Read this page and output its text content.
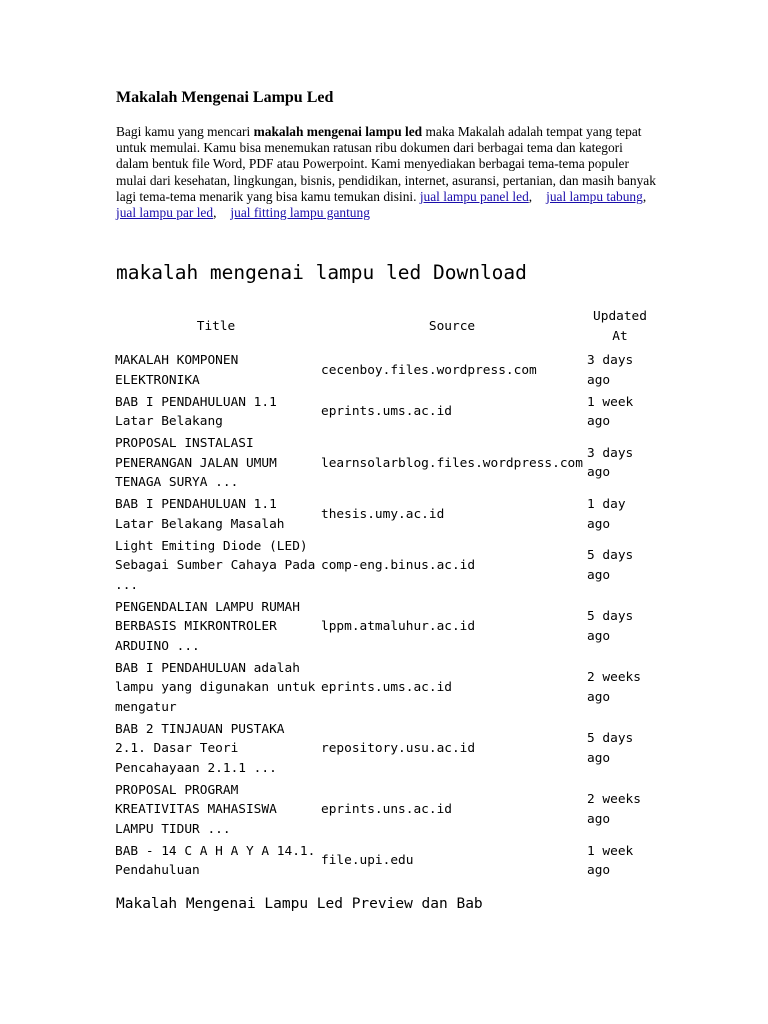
Makalah Mengenai Lampu Led

Bagi kamu yang mencari makalah mengenai lampu led maka Makalah adalah tempat yang tepat untuk memulai. Kamu bisa menemukan ratusan ribu dokumen dari berbagai tema dan kategori dalam bentuk file Word, PDF atau Powerpoint. Kami menyediakan berbagai tema-tema populer mulai dari kesehatan, lingkungan, bisnis, pendidikan, internet, asuransi, pertanian, dan masih banyak lagi tema-tema menarik yang bisa kamu temukan disini. jual lampu panel led, jual lampu tabung, jual lampu par led, jual fitting lampu gantung

makalah mengenai lampu led Download
Title	Source	Updated At
MAKALAH KOMPONEN ELEKTRONIKA	cecenboy.files.wordpress.com	3 days ago
BAB I PENDAHULUAN 1.1 Latar Belakang	eprints.ums.ac.id	1 week ago
PROPOSAL INSTALASI PENERANGAN JALAN UMUM TENAGA SURYA ...	learnsolarblog.files.wordpress.com	3 days ago
BAB I PENDAHULUAN 1.1 Latar Belakang Masalah	thesis.umy.ac.id	1 day ago
Light Emiting Diode (LED) Sebagai Sumber Cahaya Pada ...	comp-eng.binus.ac.id	5 days ago
PENGENDALIAN LAMPU RUMAH BERBASIS MIKRONTROLER ARDUINO ...	lppm.atmaluhur.ac.id	5 days ago
BAB I PENDAHULUAN adalah lampu yang digunakan untuk mengatur	eprints.ums.ac.id	2 weeks ago
BAB 2 TINJAUAN PUSTAKA 2.1. Dasar Teori Pencahayaan 2.1.1 ...	repository.usu.ac.id	5 days ago
PROPOSAL PROGRAM KREATIVITAS MAHASISWA LAMPU TIDUR ...	eprints.uns.ac.id	2 weeks ago
BAB - 14 C A H A Y A 14.1. Pendahuluan	file.upi.edu	1 week ago
Makalah Mengenai Lampu Led Preview dan Bab
